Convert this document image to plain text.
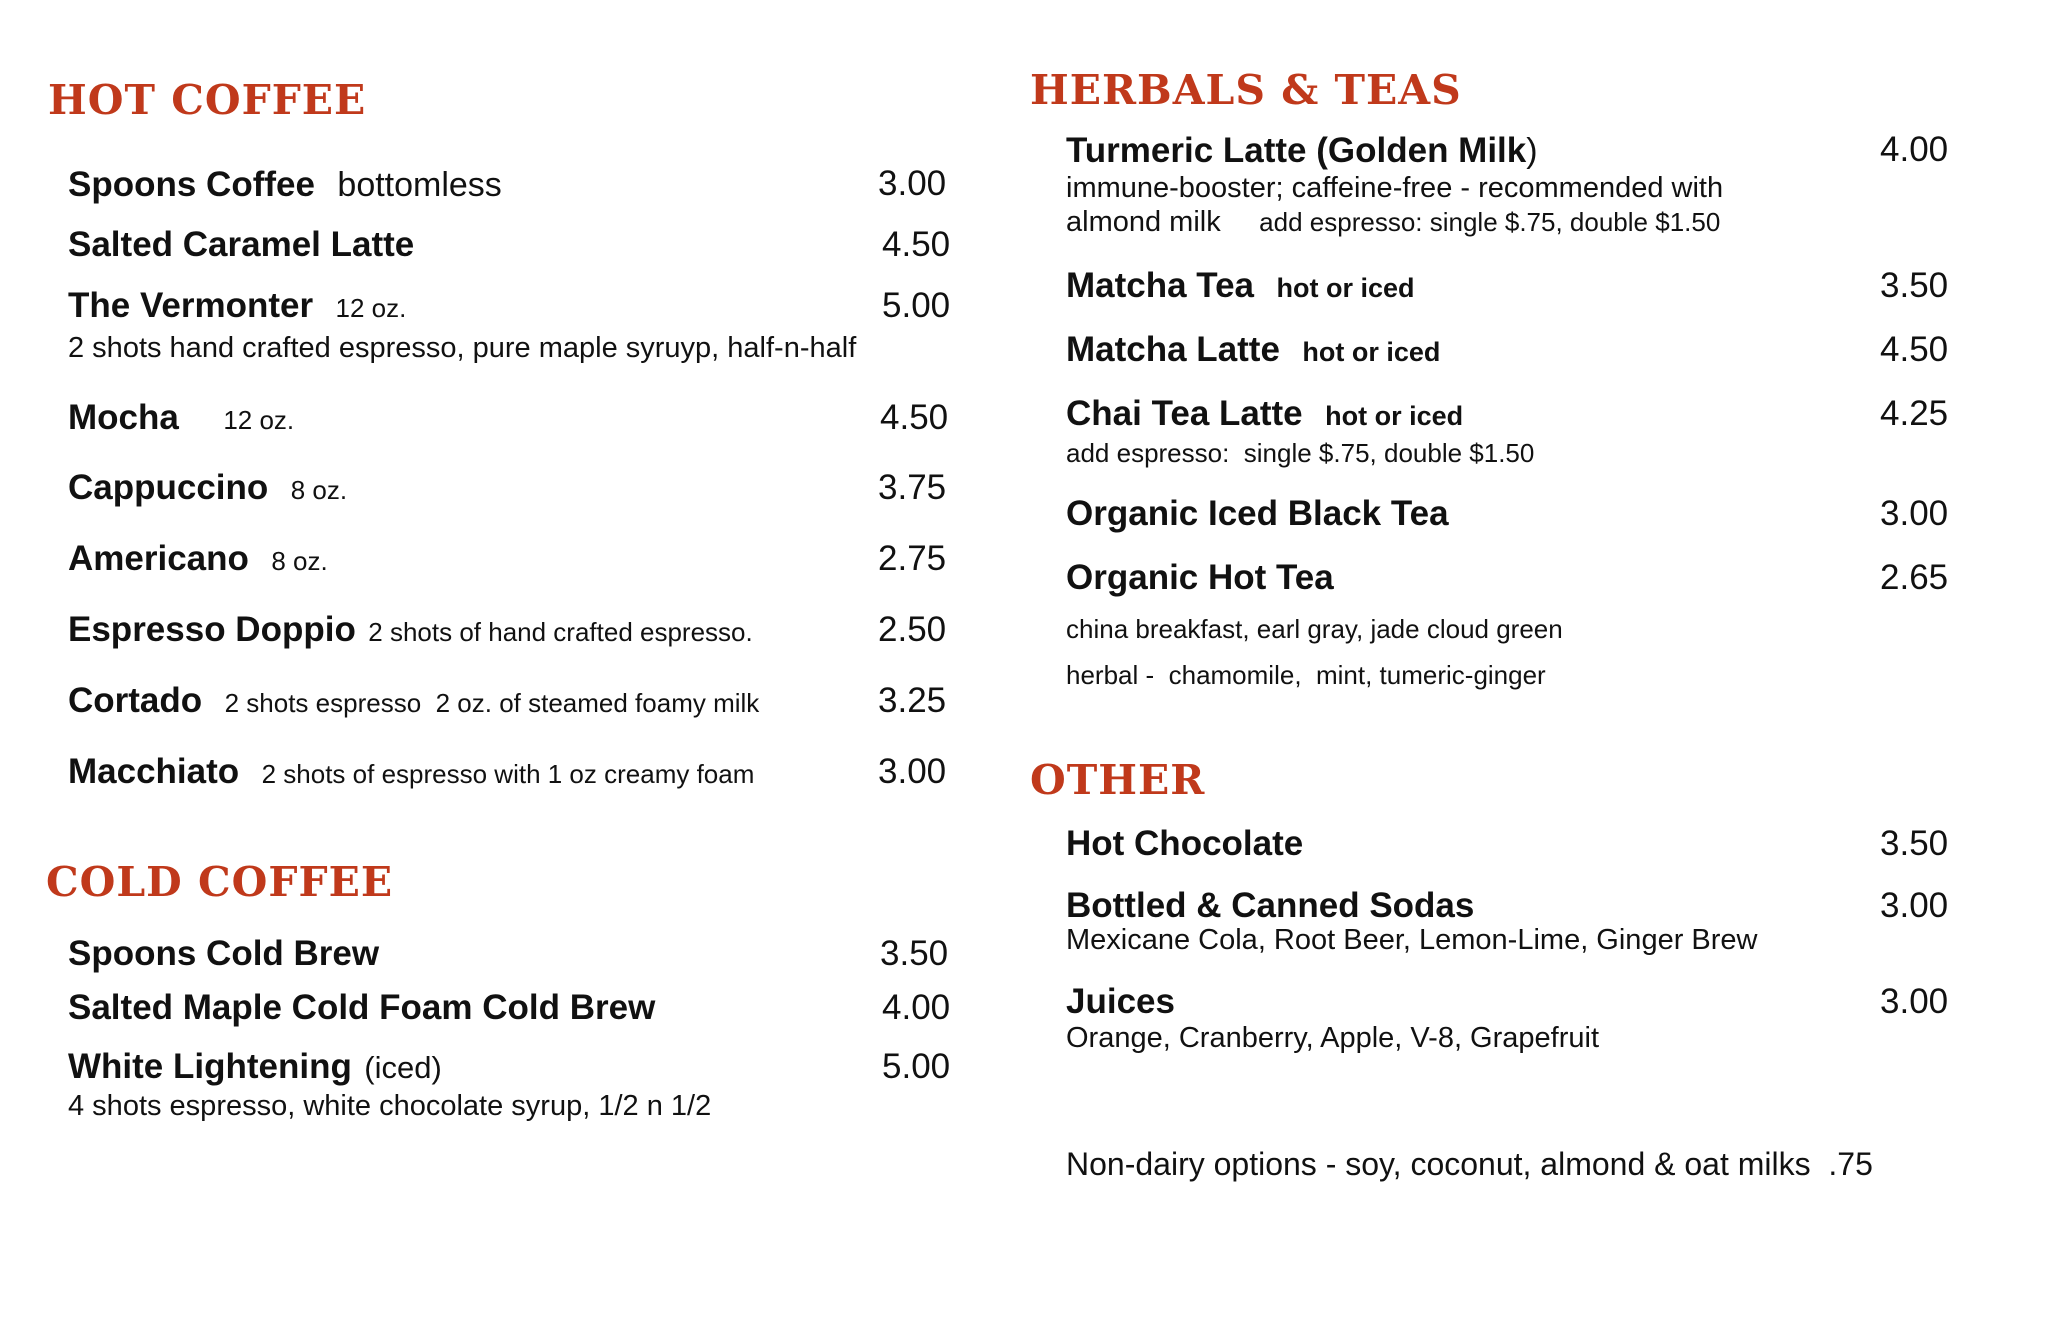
HOT COFFEE
Spoons Coffee bottomless	3.00
Salted Caramel Latte	4.50
The Vermonter 12 oz.	5.00
2 shots hand crafted espresso, pure maple syruyp, half-n-half
Mocha 12 oz.	4.50
Cappuccino 8 oz.	3.75
Americano 8 oz.	2.75
Espresso Doppio 2 shots of hand crafted espresso.	2.50
Cortado 2 shots espresso  2 oz. of steamed foamy milk	3.25
Macchiato 2 shots of espresso with 1 oz creamy foam	3.00
COLD COFFEE
Spoons Cold Brew	3.50
Salted Maple Cold Foam Cold Brew	4.00
White Lightening (iced)	5.00
4 shots espresso, white chocolate syrup, 1/2 n 1/2
HERBALS & TEAS
Turmeric Latte (Golden Milk)	4.00
immune-booster; caffeine-free - recommended with
almond milk add espresso: single $.75, double $1.50
Matcha Tea hot or iced	3.50
Matcha Latte hot or iced	4.50
Chai Tea Latte hot or iced	4.25
add espresso:  single $.75, double $1.50
Organic Iced Black Tea	3.00
Organic Hot Tea	2.65
china breakfast, earl gray, jade cloud green
herbal -  chamomile,  mint, tumeric-ginger
OTHER
Hot Chocolate	3.50
Bottled & Canned Sodas	3.00
Mexicane Cola, Root Beer, Lemon-Lime, Ginger Brew
Juices	3.00
Orange, Cranberry, Apple, V-8, Grapefruit
Non-dairy options - soy, coconut, almond & oat milks  .75
